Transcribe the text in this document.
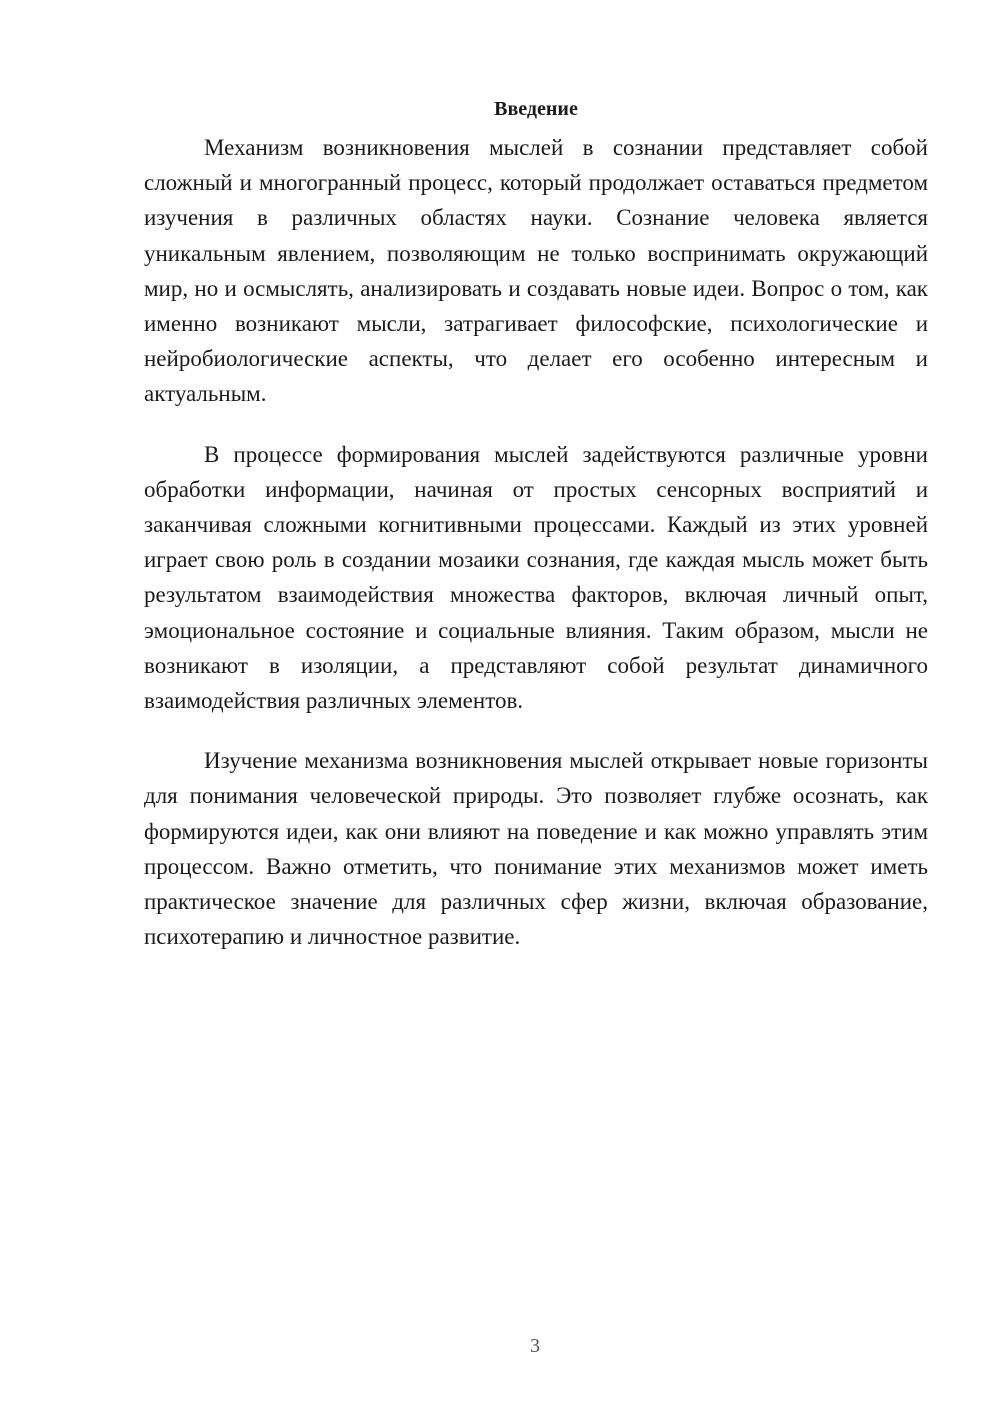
Введение

Механизм возникновения мыслей в сознании представляет собой сложный и многогранный процесс, который продолжает оставаться предметом изучения в различных областях науки. Сознание человека является уникальным явлением, позволяющим не только воспринимать окружающий мир, но и осмыслять, анализировать и создавать новые идеи. Вопрос о том, как именно возникают мысли, затрагивает философские, психологические и нейробиологические аспекты, что делает его особенно интересным и актуальным.

В процессе формирования мыслей задействуются различные уровни обработки информации, начиная от простых сенсорных восприятий и заканчивая сложными когнитивными процессами. Каждый из этих уровней играет свою роль в создании мозаики сознания, где каждая мысль может быть результатом взаимодействия множества факторов, включая личный опыт, эмоциональное состояние и социальные влияния. Таким образом, мысли не возникают в изоляции, а представляют собой результат динамичного взаимодействия различных элементов.

Изучение механизма возникновения мыслей открывает новые горизонты для понимания человеческой природы. Это позволяет глубже осознать, как формируются идеи, как они влияют на поведение и как можно управлять этим процессом. Важно отметить, что понимание этих механизмов может иметь практическое значение для различных сфер жизни, включая образование, психотерапию и личностное развитие.

3
